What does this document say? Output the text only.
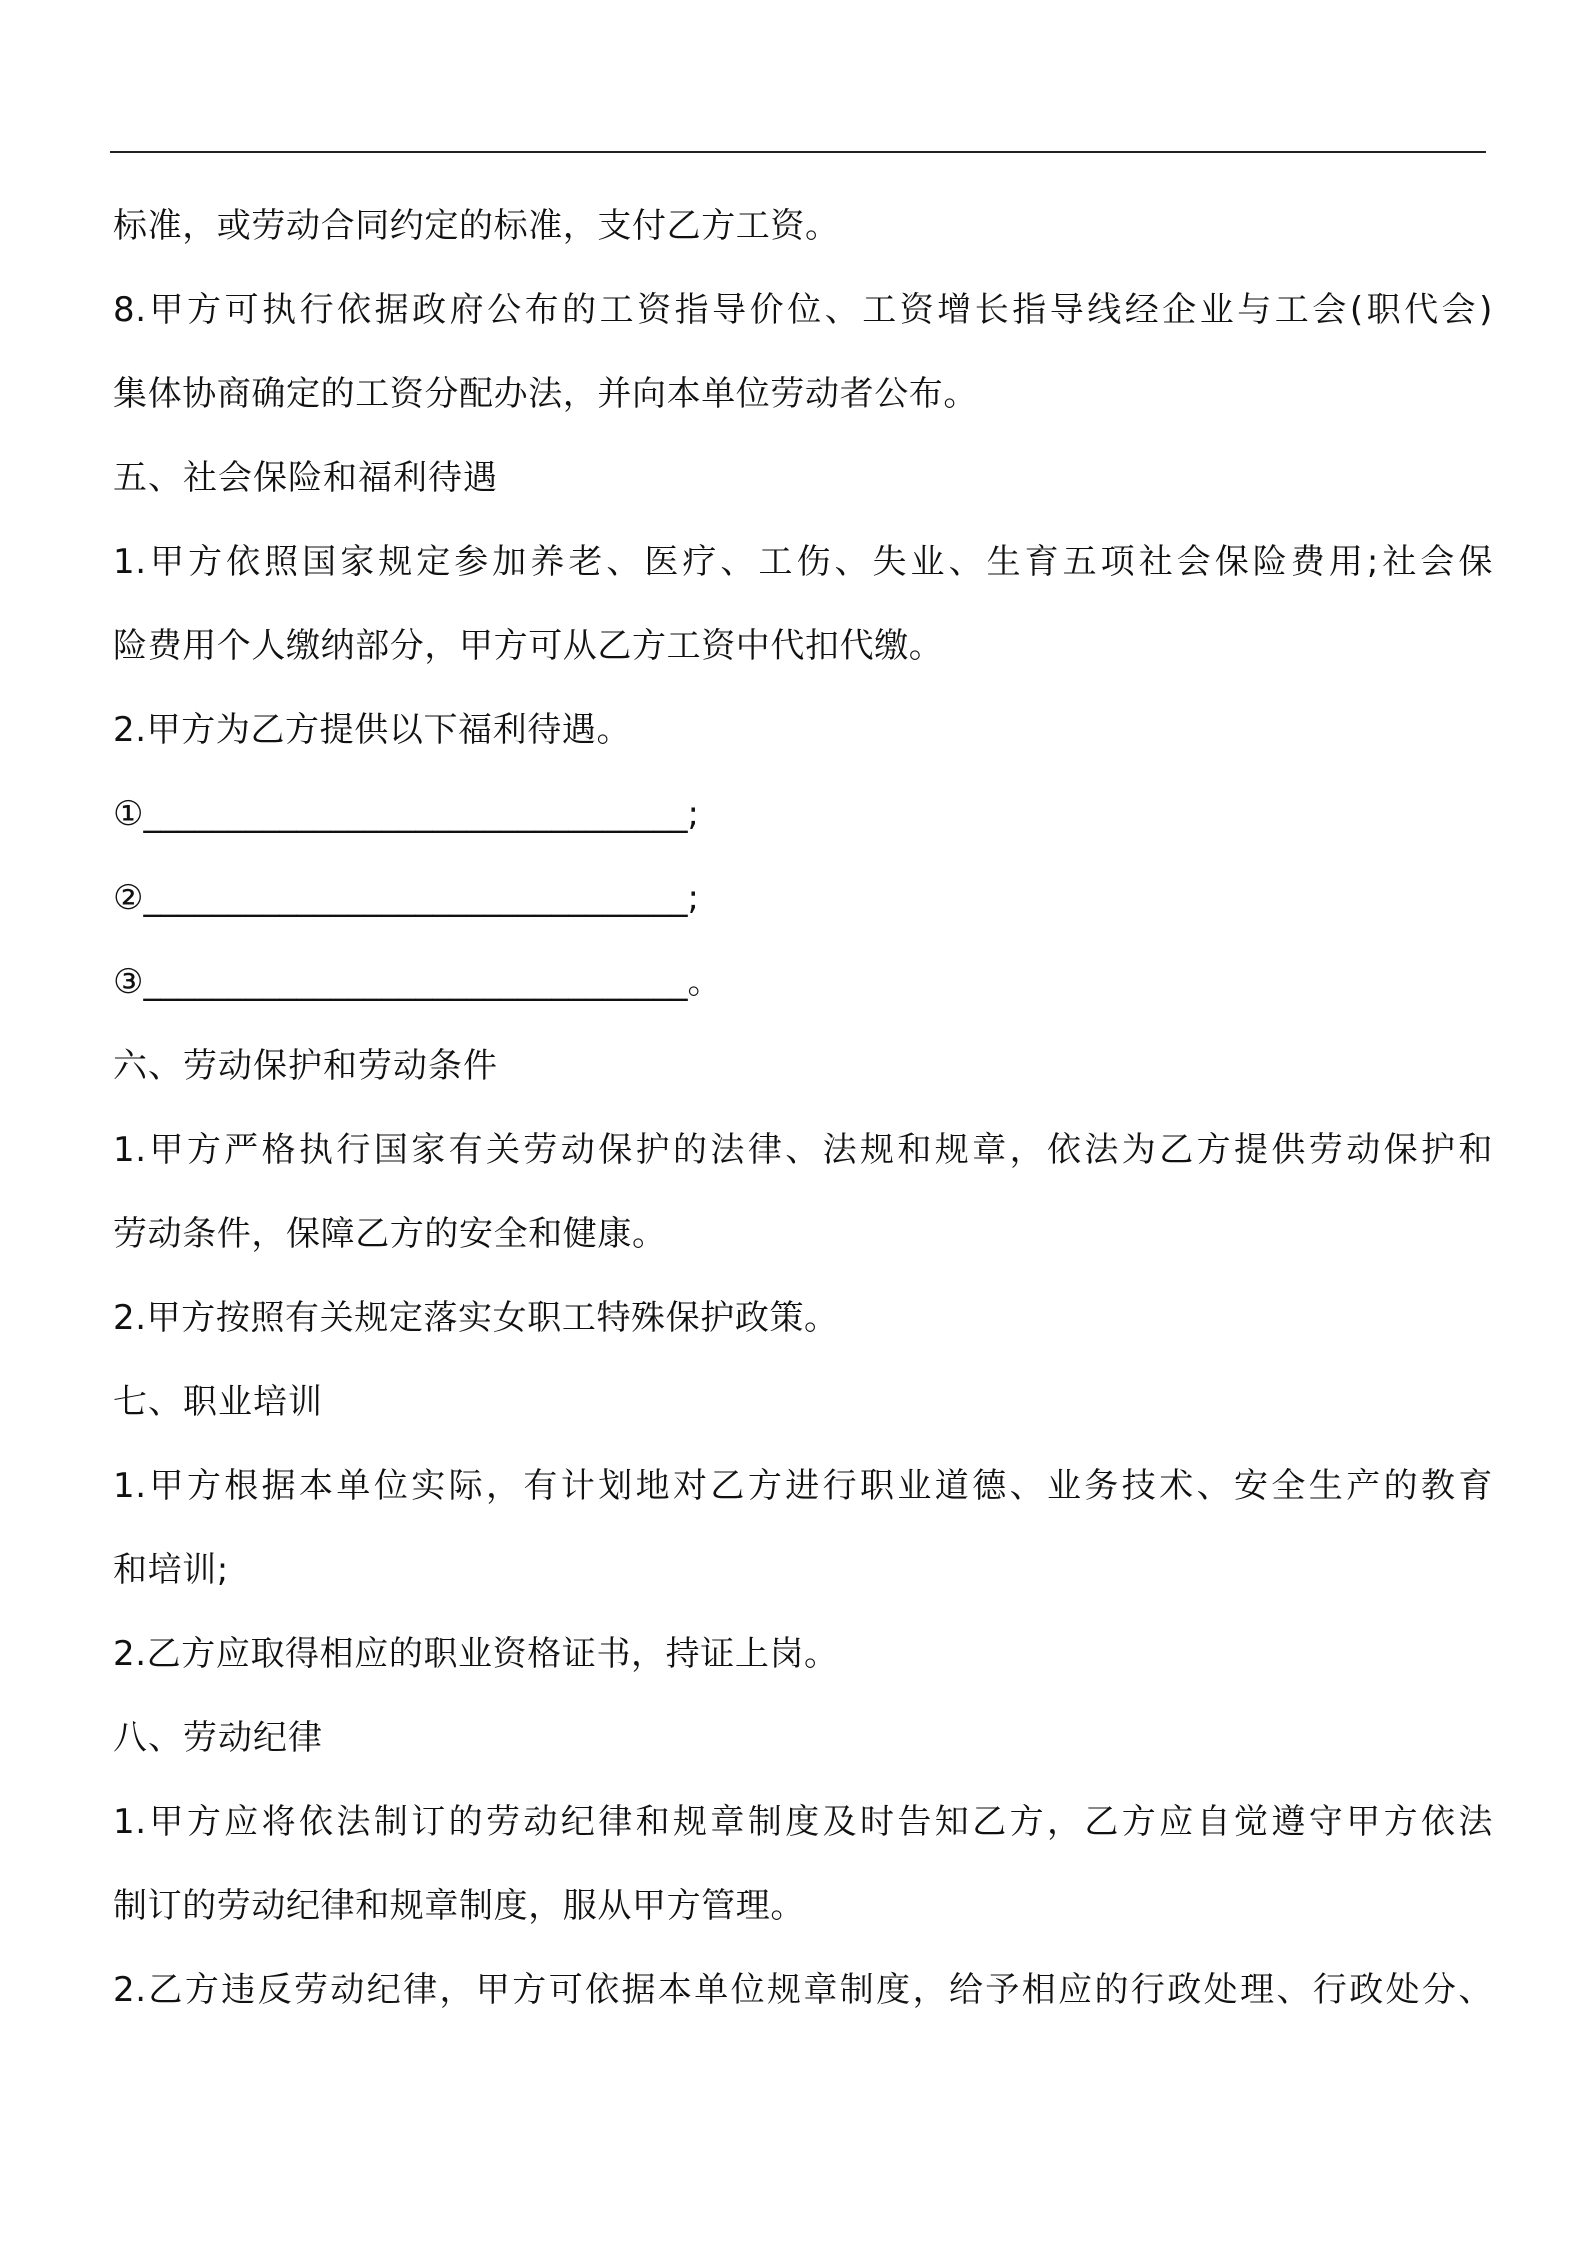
标准，或劳动合同约定的标准，支付乙方工资。
8.甲方可执行依据政府公布的工资指导价位、工资增长指导线经企业与工会(职代会)
集体协商确定的工资分配办法，并向本单位劳动者公布。
五、社会保险和福利待遇
1.甲方依照国家规定参加养老、医疗、工伤、失业、生育五项社会保险费用;社会保
险费用个人缴纳部分，甲方可从乙方工资中代扣代缴。
2.甲方为乙方提供以下福利待遇。
①________________________________;
②________________________________;
③________________________________。
六、劳动保护和劳动条件
1.甲方严格执行国家有关劳动保护的法律、法规和规章，依法为乙方提供劳动保护和
劳动条件，保障乙方的安全和健康。
2.甲方按照有关规定落实女职工特殊保护政策。
七、职业培训
1.甲方根据本单位实际，有计划地对乙方进行职业道德、业务技术、安全生产的教育
和培训;
2.乙方应取得相应的职业资格证书，持证上岗。
八、劳动纪律
1.甲方应将依法制订的劳动纪律和规章制度及时告知乙方，乙方应自觉遵守甲方依法
制订的劳动纪律和规章制度，服从甲方管理。
2.乙方违反劳动纪律，甲方可依据本单位规章制度，给予相应的行政处理、行政处分、
